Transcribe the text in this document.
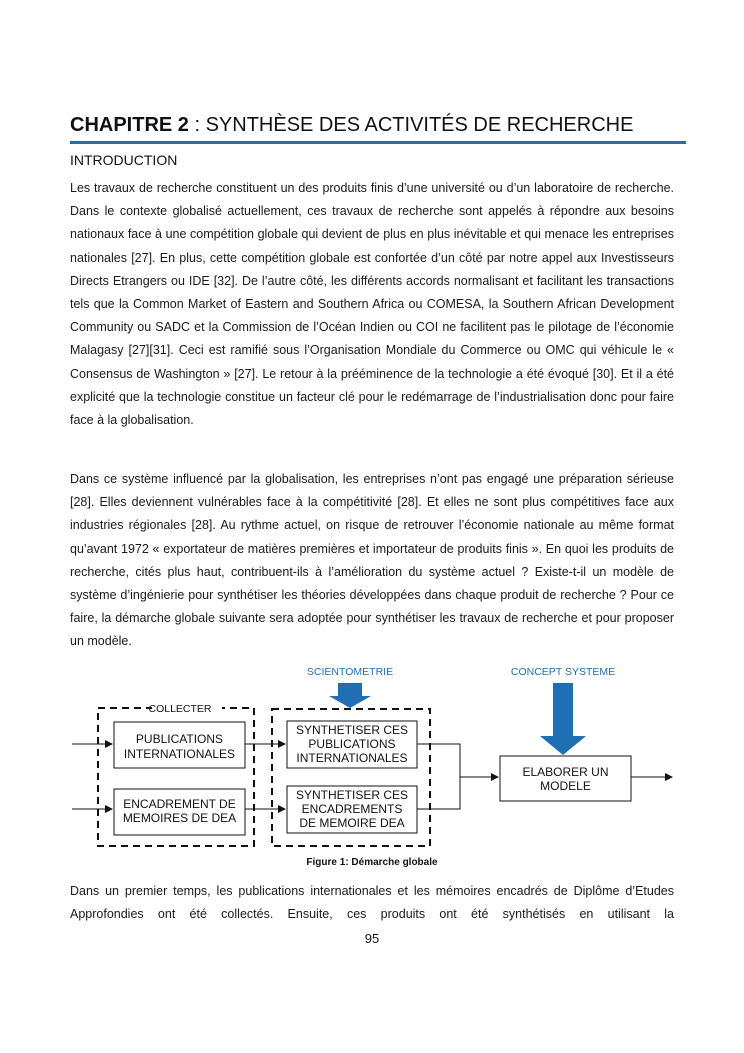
CHAPITRE 2 : SYNTHÈSE DES ACTIVITÉS DE RECHERCHE
INTRODUCTION
Les travaux de recherche constituent un des produits finis d’une université ou d’un laboratoire de recherche. Dans le contexte globalisé actuellement, ces travaux de recherche sont appelés à répondre aux besoins nationaux face à une compétition globale qui devient de plus en plus inévitable et qui menace les entreprises nationales [27]. En plus, cette compétition globale est confortée d’un côté par notre appel aux Investisseurs Directs Etrangers ou IDE [32]. De l’autre côté, les différents accords normalisant et facilitant les transactions tels que la Common Market of Eastern and Southern Africa ou COMESA, la Southern African Development Community ou SADC et la Commission de l’Océan Indien ou COI ne facilitent pas le pilotage de l’économie Malagasy [27][31]. Ceci est ramifié sous l’Organisation Mondiale du Commerce ou OMC qui véhicule le « Consensus de Washington » [27]. Le retour à la prééminence de la technologie a été évoqué [30]. Et il a été explicité que la technologie constitue un facteur clé pour le redémarrage de l’industrialisation donc pour faire face à la globalisation.
Dans ce système influencé par la globalisation, les entreprises n’ont pas engagé une préparation sérieuse [28]. Elles deviennent vulnérables face à la compétitivité [28]. Et elles ne sont plus compétitives face aux industries régionales [28]. Au rythme actuel, on risque de retrouver l’économie nationale au même format qu’avant 1972 « exportateur de matières premières et importateur de produits finis ». En quoi les produits de recherche, cités plus haut, contribuent-ils à l’amélioration du système actuel ? Existe-t-il un modèle de système d’ingénierie pour synthétiser les théories développées dans chaque produit de recherche ? Pour ce faire, la démarche globale suivante sera adoptée pour synthétiser les travaux de recherche et pour proposer un modèle.
SCIENTOMETRIE	CONCEPT SYSTEME
COLLECTER
PUBLICATIONS
INTERNATIONALES
ENCADREMENT DE
MEMOIRES DE DEA
SYNTHETISER CES
PUBLICATIONS
INTERNATIONALES
SYNTHETISER CES
ENCADREMENTS
DE MEMOIRE DEA
ELABORER UN
MODELE
Figure 1: Démarche globale
Dans un premier temps, les publications internationales et les mémoires encadrés de Diplôme d’Etudes Approfondies ont été collectés. Ensuite, ces produits ont été synthétisés en utilisant la
95
